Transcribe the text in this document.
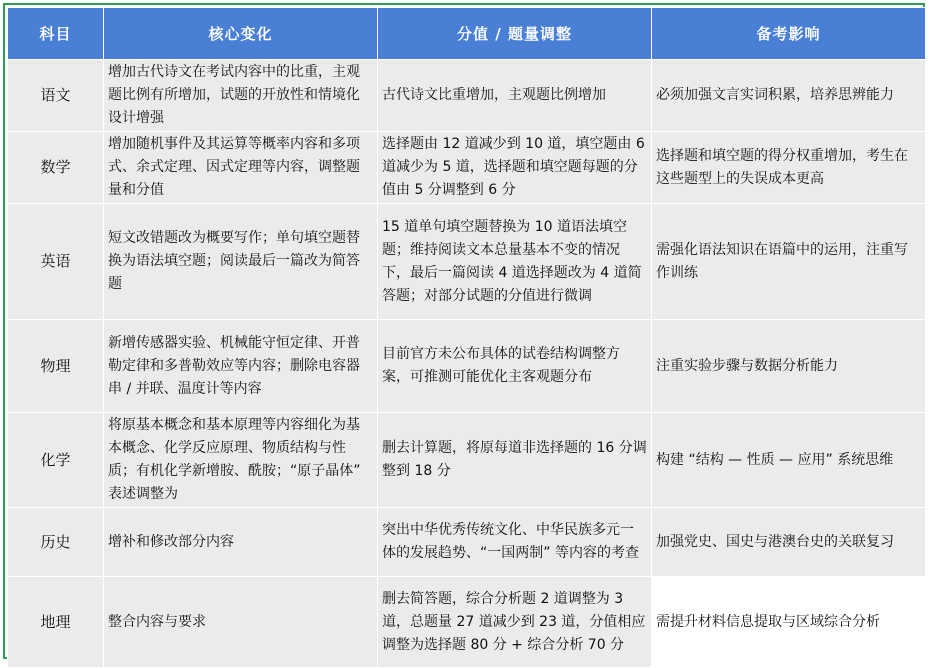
科目	核心变化	分值 / 题量调整	备考影响
语文	增加古代诗文在考试内容中的比重，主观题比例有所增加，试题的开放性和情境化设计增强	古代诗文比重增加，主观题比例增加	必须加强文言实词积累，培养思辨能力
数学	增加随机事件及其运算等概率内容和多项式、余式定理、因式定理等内容，调整题量和分值	选择题由 12 道减少到 10 道，填空题由 6 道减少为 5 道，选择题和填空题每题的分值由 5 分调整到 6 分	选择题和填空题的得分权重增加，考生在这些题型上的失误成本更高
英语	短文改错题改为概要写作；单句填空题替换为语法填空题；阅读最后一篇改为简答题	15 道单句填空题替换为 10 道语法填空题；维持阅读文本总量基本不变的情况下，最后一篇阅读 4 道选择题改为 4 道简答题；对部分试题的分值进行微调	需强化语法知识在语篇中的运用，注重写作训练
物理	新增传感器实验、机械能守恒定律、开普勒定律和多普勒效应等内容；删除电容器串 / 并联、温度计等内容	目前官方未公布具体的试卷结构调整方案，可推测可能优化主客观题分布	注重实验步骤与数据分析能力
化学	将原基本概念和基本原理等内容细化为基本概念、化学反应原理、物质结构与性质；有机化学新增胺、酰胺；“原子晶体” 表述调整为	删去计算题，将原每道非选择题的 16 分调整到 18 分	构建 “结构 — 性质 — 应用” 系统思维
历史	增补和修改部分内容	突出中华优秀传统文化、中华民族多元一体的发展趋势、“一国两制” 等内容的考查	加强党史、国史与港澳台史的关联复习
地理	整合内容与要求	删去简答题，综合分析题 2 道调整为 3 道，总题量 27 道减少到 23 道，分值相应调整为选择题 80 分 + 综合分析 70 分	需提升材料信息提取与区域综合分析
